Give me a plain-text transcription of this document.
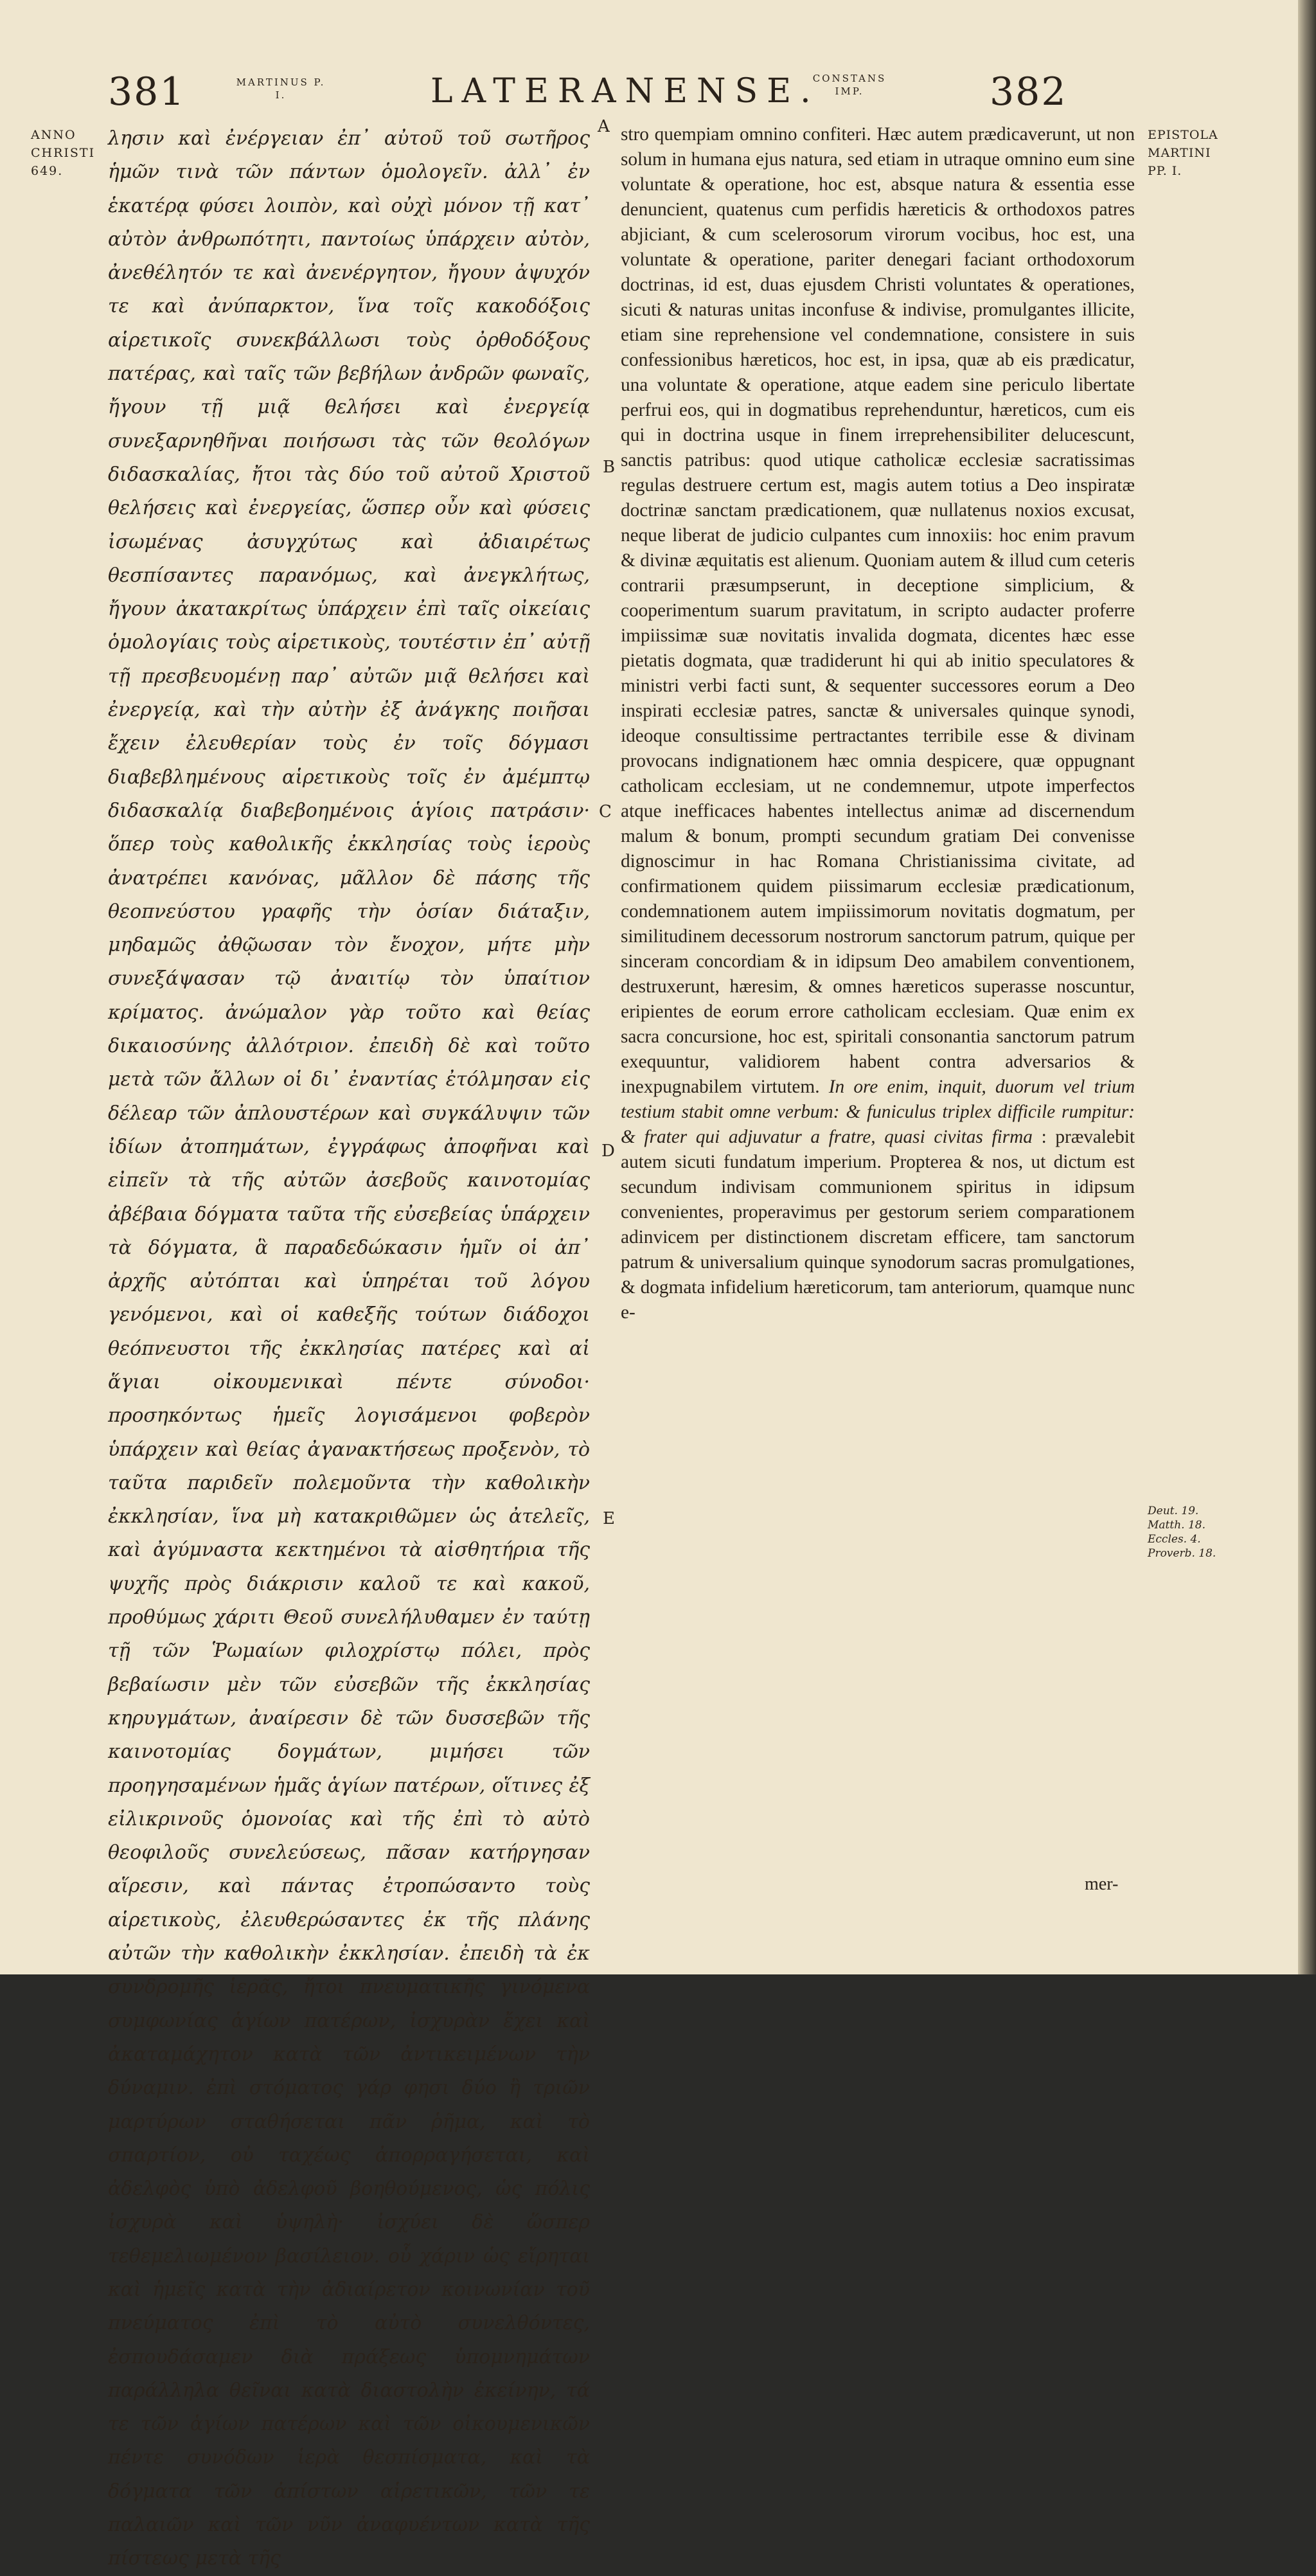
381	MARTINUS P. I.	LATERANENSE.
CONSTANS IMP.	382
ANNO CHRISTI 649.
EPISTOLA MARTINI PP. I.
Deut. 19. Matth. 18. Eccles. 4. Proverb. 18.
A
B
C
D
E
λησιν καὶ ἐνέργειαν ἐπ᾽ αὐτοῦ τοῦ σωτῆρος ἡμῶν τινὰ τῶν πάντων ὁμολογεῖν. ἀλλ᾽ ἐν ἑκατέρᾳ φύσει λοιπὸν, καὶ οὐχὶ μόνον τῇ κατ᾽ αὐτὸν ἀνθρωπότητι, παντοίως ὑπάρχειν αὐτὸν, ἀνεθέλητόν τε καὶ ἀνενέργητον, ἤγουν ἀψυχόν τε καὶ ἀνύπαρκτον, ἵνα τοῖς κακοδόξοις αἱρετικοῖς συνεκβάλλωσι τοὺς ὀρθοδόξους πατέρας, καὶ ταῖς τῶν βεβήλων ἀνδρῶν φωναῖς, ἤγουν τῇ μιᾷ θελήσει καὶ ἐνεργείᾳ συνεξαρνηθῆναι ποιήσωσι τὰς τῶν θεολόγων διδασκαλίας, ἤτοι τὰς δύο τοῦ αὐτοῦ Χριστοῦ θελήσεις καὶ ἐνεργείας, ὥσπερ οὖν καὶ φύσεις ἰσωμένας ἀσυγχύτως καὶ ἀδιαιρέτως θεσπίσαντες παρανόμως, καὶ ἀνεγκλήτως, ἤγουν ἀκατακρίτως ὑπάρχειν ἐπὶ ταῖς οἰκείαις ὁμολογίαις τοὺς αἱρετικοὺς, τουτέστιν ἐπ᾽ αὐτῇ τῇ πρεσβευομένῃ παρ᾽ αὐτῶν μιᾷ θελήσει καὶ ἐνεργείᾳ, καὶ τὴν αὐτὴν ἐξ ἀνάγκης ποιῆσαι ἔχειν ἐλευθερίαν τοὺς ἐν τοῖς δόγμασι διαβεβλημένους αἱρετικοὺς τοῖς ἐν ἀμέμπτῳ διδασκαλίᾳ διαβεβοημένοις ἁγίοις πατράσιν· ὅπερ τοὺς καθολικῆς ἐκκλησίας τοὺς ἱεροὺς ἀνατρέπει κανόνας, μᾶλλον δὲ πάσης τῆς θεοπνεύστου γραφῆς τὴν ὁσίαν διάταξιν, μηδαμῶς ἀθῷωσαν τὸν ἔνοχον, μήτε μὴν συνεξάψασαν τῷ ἀναιτίῳ τὸν ὑπαίτιον κρίματος. ἀνώμαλον γὰρ τοῦτο καὶ θείας δικαιοσύνης ἀλλότριον. ἐπειδὴ δὲ καὶ τοῦτο μετὰ τῶν ἄλλων οἱ δι᾽ ἐναντίας ἐτόλμησαν εἰς δέλεαρ τῶν ἀπλουστέρων καὶ συγκάλυψιν τῶν ἰδίων ἀτοπημάτων, ἐγγράφως ἀποφῆναι καὶ εἰπεῖν τὰ τῆς αὐτῶν ἀσεβοῦς καινοτομίας ἀβέβαια δόγματα ταῦτα τῆς εὐσεβείας ὑπάρχειν τὰ δόγματα, ἃ παραδεδώκασιν ἡμῖν οἱ ἀπ᾽ ἀρχῆς αὐτόπται καὶ ὑπηρέται τοῦ λόγου γενόμενοι, καὶ οἱ καθεξῆς τούτων διάδοχοι θεόπνευστοι τῆς ἐκκλησίας πατέρες καὶ αἱ ἅγιαι οἰκουμενικαὶ πέντε σύνοδοι· προσηκόντως ἡμεῖς λογισάμενοι φοβερὸν ὑπάρχειν καὶ θείας ἀγανακτήσεως προξενὸν, τὸ ταῦτα παριδεῖν πολεμοῦντα τὴν καθολικὴν ἐκκλησίαν, ἵνα μὴ κατακριθῶμεν ὡς ἀτελεῖς, καὶ ἀγύμναστα κεκτημένοι τὰ αἰσθητήρια τῆς ψυχῆς πρὸς διάκρισιν καλοῦ τε καὶ κακοῦ, προθύμως χάριτι Θεοῦ συνελήλυθαμεν ἐν ταύτῃ τῇ τῶν Ῥωμαίων φιλοχρίστῳ πόλει, πρὸς βεβαίωσιν μὲν τῶν εὐσεβῶν τῆς ἐκκλησίας κηρυγμάτων, ἀναίρεσιν δὲ τῶν δυσσεβῶν τῆς καινοτομίας δογμάτων, μιμήσει τῶν προηγησαμένων ἡμᾶς ἁγίων πατέρων, οἵτινες ἐξ εἰλικρινοῦς ὁμονοίας καὶ τῆς ἐπὶ τὸ αὐτὸ θεοφιλοῦς συνελεύσεως, πᾶσαν κατήργησαν αἵρεσιν, καὶ πάντας ἐτροπώσαντο τοὺς αἱρετικοὺς, ἐλευθερώσαντες ἐκ τῆς πλάνης αὐτῶν τὴν καθολικὴν ἐκκλησίαν. ἐπειδὴ τὰ ἐκ συνδρομῆς ἱερᾶς, ἤτοι πνευματικῆς γινόμενα συμφωνίας ἁγίων πατέρων, ἰσχυρὰν ἔχει καὶ ἀκαταμάχητον κατὰ τῶν ἀντικειμένων τὴν δύναμιν. ἐπὶ στόματος γάρ φησι δύο ἢ τριῶν μαρτύρων σταθήσεται πᾶν ῥῆμα, καὶ τὸ σπαρτίον, οὐ ταχέως ἀπορραγήσεται, καὶ ἀδελφὸς ὑπὸ ἀδελφοῦ βοηθούμενος, ὡς πόλις ἰσχυρὰ καὶ ὑψηλὴ· ἰσχύει δὲ ὥσπερ τεθεμελιωμένον βασίλειον. οὗ χάριν ὡς εἴρηται καὶ ἡμεῖς κατὰ τὴν ἀδιαίρετον κοινωνίαν τοῦ πνεύματος ἐπὶ τὸ αὐτὸ συνελθόντες, ἐσπουδάσαμεν διὰ πράξεως ὑπομνημάτων παράλληλα θεῖναι κατὰ διαστολὴν ἐκείνην, τά τε τῶν ἁγίων πατέρων καὶ τῶν οἰκουμενικῶν πέντε συνόδων ἱερὰ θεσπίσματα, καὶ τὰ δόγματα τῶν ἀπίστων αἱρετικῶν, τῶν τε παλαιῶν καὶ τῶν νῦν ἀναφυέντων κατὰ τῆς πίστεως μετὰ τῆς
stro quempiam omnino confiteri. Hæc autem prædicaverunt, ut non solum in humana ejus natura, sed etiam in utraque omnino eum sine voluntate & operatione, hoc est, absque natura & essentia esse denuncient, quatenus cum perfidis hæreticis & orthodoxos patres abjiciant, & cum scelerosorum virorum vocibus, hoc est, una voluntate & operatione, pariter denegari faciant orthodoxorum doctrinas, id est, duas ejusdem Christi voluntates & operationes, sicuti & naturas unitas inconfuse & indivise, promulgantes illicite, etiam sine reprehensione vel condemnatione, consistere in suis confessionibus hæreticos, hoc est, in ipsa, quæ ab eis prædicatur, una voluntate & operatione, atque eadem sine periculo libertate perfrui eos, qui in dogmatibus reprehenduntur, hæreticos, cum eis qui in doctrina usque in finem irreprehensibiliter delucescunt, sanctis patribus: quod utique catholicæ ecclesiæ sacratissimas regulas destruere certum est, magis autem totius a Deo inspiratæ doctrinæ sanctam prædicationem, quæ nullatenus noxios excusat, neque liberat de judicio culpantes cum innoxiis: hoc enim pravum & divinæ æquitatis est alienum. Quoniam autem & illud cum ceteris contrarii præsumpserunt, in deceptione simplicium, & cooperimentum suarum pravitatum, in scripto audacter proferre impiissimæ suæ novitatis invalida dogmata, dicentes hæc esse pietatis dogmata, quæ tradiderunt hi qui ab initio speculatores & ministri verbi facti sunt, & sequenter successores eorum a Deo inspirati ecclesiæ patres, sanctæ & universales quinque synodi, ideoque consultissime pertractantes terribile esse & divinam provocans indignationem hæc omnia despicere, quæ oppugnant catholicam ecclesiam, ut ne condemnemur, utpote imperfectos atque inefficaces habentes intellectus animæ ad discernendum malum & bonum, prompti secundum gratiam Dei convenisse dignoscimur in hac Romana Christianissima civitate, ad confirmationem quidem piissimarum ecclesiæ prædicationum, condemnationem autem impiissimorum novitatis dogmatum, per similitudinem decessorum nostrorum sanctorum patrum, quique per sinceram concordiam & in idipsum Deo amabilem conventionem, destruxerunt, hæresim, & omnes hæreticos superasse noscuntur, eripientes de eorum errore catholicam ecclesiam. Quæ enim ex sacra concursione, hoc est, spiritali consonantia sanctorum patrum exequuntur, validiorem habent contra adversarios & inexpugnabilem virtutem. In ore enim, inquit, duorum vel trium testium stabit omne verbum: & funiculus triplex difficile rumpitur: & frater qui adjuvatur a fratre, quasi civitas firma : prævalebit autem sicuti fundatum imperium. Propterea & nos, ut dictum est secundum indivisam communionem spiritus in idipsum convenientes, properavimus per gestorum seriem comparationem adinvicem per distinctionem discretam efficere, tam sanctorum patrum & universalium quinque synodorum sacras promulgationes, & dogmata infidelium hæreticorum, tam anteriorum, quamque nunc e-
mer-
